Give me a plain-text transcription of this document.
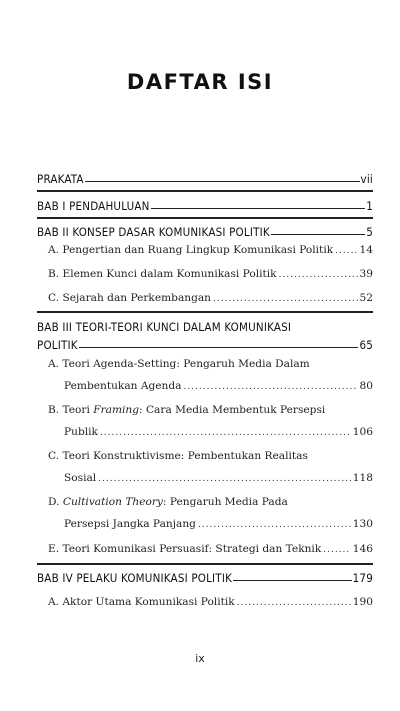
DAFTAR ISI
PRAKATA	vii
BAB I PENDAHULUAN	1
BAB II KONSEP DASAR KOMUNIKASI POLITIK	5
A. Pengertian dan Ruang Lingkup Komunikasi Politik ..... 14
B. Elemen Kunci dalam Komunikasi Politik .....	39
C. Sejarah dan Perkembangan .....	52
BAB III TEORI-TEORI KUNCI DALAM KOMUNIKASI
POLITIK	65
A. Teori Agenda-Setting: Pengaruh Media Dalam
Pembentukan Agenda .....	80
B. Teori Framing: Cara Media Membentuk Persepsi
Publik .....	106
C. Teori Konstruktivisme: Pembentukan Realitas
Sosial .....	118
D. Cultivation Theory: Pengaruh Media Pada
Persepsi Jangka Panjang .....	130
E. Teori Komunikasi Persuasif: Strategi dan Teknik .....	146
BAB IV PELAKU KOMUNIKASI POLITIK	179
A. Aktor Utama Komunikasi Politik .....	190
ix
